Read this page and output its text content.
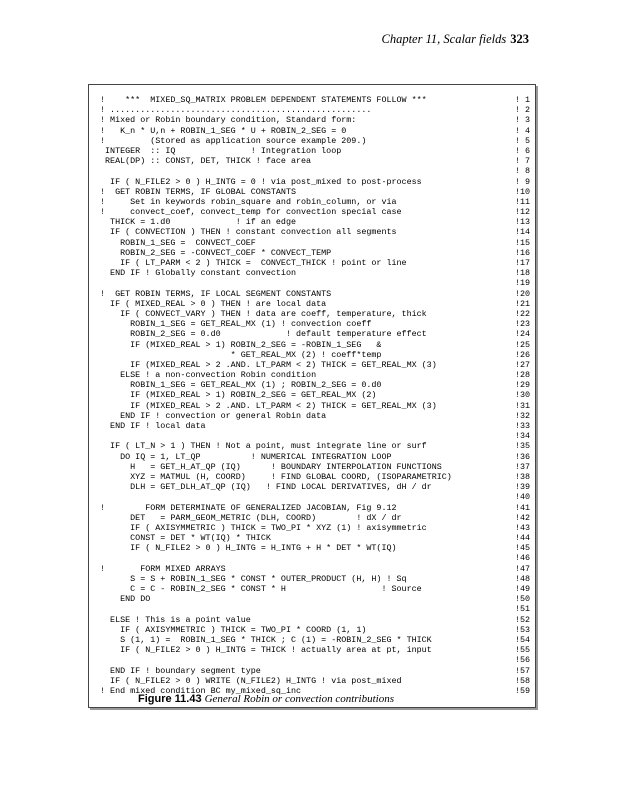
Chapter 11, Scalar fields 323
!    ***  MIXED_SQ_MATRIX PROBLEM DEPENDENT STATEMENTS FOLLOW ***	! 1
! ....................................................	! 2
! Mixed or Robin boundary condition, Standard form:	! 3
!   K_n * U,n + ROBIN_1_SEG * U + ROBIN_2_SEG = 0	! 4
!         (Stored as application source example 209.)	! 5
INTEGER  :: IQ               ! Integration loop	! 6
REAL(DP) :: CONST, DET, THICK ! face area	! 7
! 8
IF ( N_FILE2 > 0 ) H_INTG = 0 ! via post_mixed to post-process	! 9
!  GET ROBIN TERMS, IF GLOBAL CONSTANTS	!10
!     Set in keywords robin_square and robin_column, or via	!11
!     convect_coef, convect_temp for convection special case	!12
THICK = 1.d0             ! if an edge	!13
IF ( CONVECTION ) THEN ! constant convection all segments	!14
ROBIN_1_SEG =  CONVECT_COEF	!15
ROBIN_2_SEG = -CONVECT_COEF * CONVECT_TEMP	!16
IF ( LT_PARM < 2 ) THICK =  CONVECT_THICK ! point or line	!17
END IF ! Globally constant convection	!18
!19
!  GET ROBIN TERMS, IF LOCAL SEGMENT CONSTANTS	!20
IF ( MIXED_REAL > 0 ) THEN ! are local data	!21
IF ( CONVECT_VARY ) THEN ! data are coeff, temperature, thick	!22
ROBIN_1_SEG = GET_REAL_MX (1) ! convection coeff	!23
ROBIN_2_SEG = 0.d0             ! default temperature effect	!24
IF (MIXED_REAL > 1) ROBIN_2_SEG = -ROBIN_1_SEG   &	!25
* GET_REAL_MX (2) ! coeff*temp	!26
IF (MIXED_REAL > 2 .AND. LT_PARM < 2) THICK = GET_REAL_MX (3)	!27
ELSE ! a non-convection Robin condition	!28
ROBIN_1_SEG = GET_REAL_MX (1) ; ROBIN_2_SEG = 0.d0	!29
IF (MIXED_REAL > 1) ROBIN_2_SEG = GET_REAL_MX (2)	!30
IF (MIXED_REAL > 2 .AND. LT_PARM < 2) THICK = GET_REAL_MX (3)	!31
END IF ! convection or general Robin data	!32
END IF ! local data	!33
!34
IF ( LT_N > 1 ) THEN ! Not a point, must integrate line or surf	!35
DO IQ = 1, LT_QP          ! NUMERICAL INTEGRATION LOOP	!36
H   = GET_H_AT_QP (IQ)      ! BOUNDARY INTERPOLATION FUNCTIONS	!37
XYZ = MATMUL (H, COORD)     ! FIND GLOBAL COORD, (ISOPARAMETRIC)	!38
DLH = GET_DLH_AT_QP (IQ)   ! FIND LOCAL DERIVATIVES, dH / dr	!39
!40
!        FORM DETERMINATE OF GENERALIZED JACOBIAN, Fig 9.12	!41
DET   = PARM_GEOM_METRIC (DLH, COORD)        ! dX / dr	!42
IF ( AXISYMMETRIC ) THICK = TWO_PI * XYZ (1) ! axisymmetric	!43
CONST = DET * WT(IQ) * THICK	!44
IF ( N_FILE2 > 0 ) H_INTG = H_INTG + H * DET * WT(IQ)	!45
!46
!       FORM MIXED ARRAYS	!47
S = S + ROBIN_1_SEG * CONST * OUTER_PRODUCT (H, H) ! Sq	!48
C = C - ROBIN_2_SEG * CONST * H                   ! Source	!49
END DO	!50
!51
ELSE ! This is a point value	!52
IF ( AXISYMMETRIC ) THICK = TWO_PI * COORD (1, 1)	!53
S (1, 1) =  ROBIN_1_SEG * THICK ; C (1) = -ROBIN_2_SEG * THICK	!54
IF ( N_FILE2 > 0 ) H_INTG = THICK ! actually area at pt, input	!55
!56
END IF ! boundary segment type	!57
IF ( N_FILE2 > 0 ) WRITE (N_FILE2) H_INTG ! via post_mixed	!58
! End mixed condition BC my_mixed_sq_inc	!59
Figure 11.43 General Robin or convection contributions
